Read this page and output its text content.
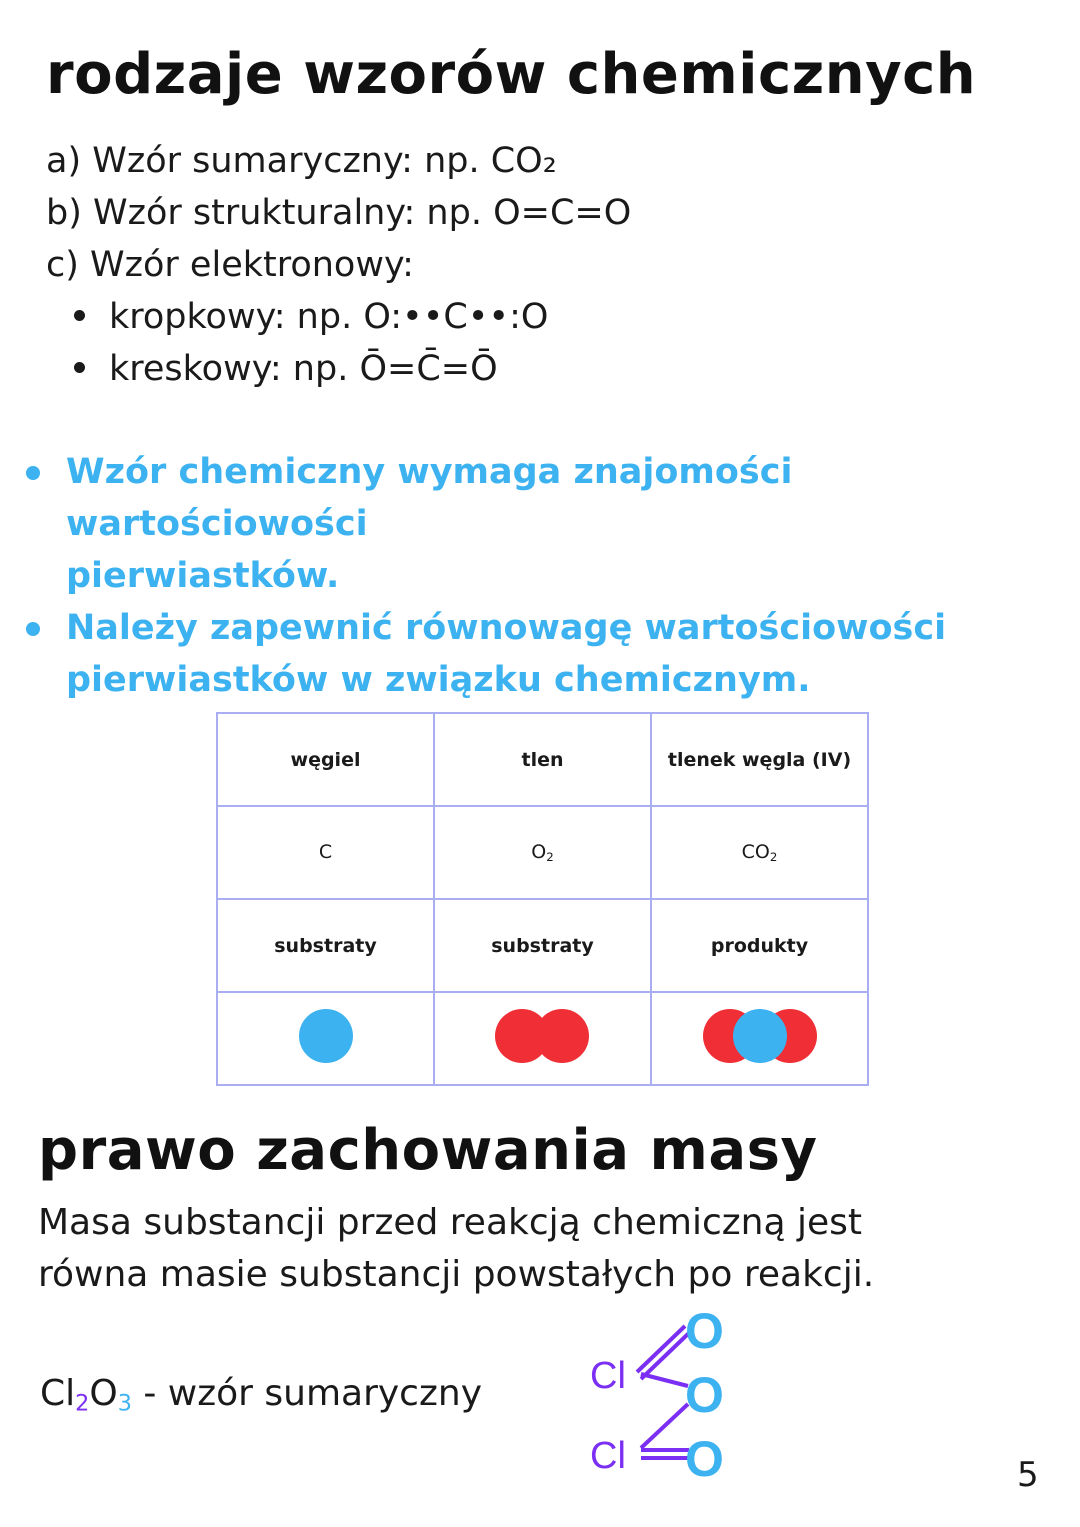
rodzaje wzorów chemicznych
a) Wzór sumaryczny: np. CO₂
b) Wzór strukturalny: np. O=C=O
c) Wzór elektronowy:
kropkowy: np. O:••C••:O
kreskowy: np. Ō=C̄=Ō
Wzór chemiczny wymaga znajomości wartościowości
pierwiastków.
Należy zapewnić równowagę wartościowości
pierwiastków w związku chemicznym.
węgiel	tlen	tlenek węgla (IV)
C	$O_2$	$CO_2$
substraty	substraty	produkty

prawo zachowania masy
Masa substancji przed reakcją chemiczną jest
równa masie substancji powstałych po reakcji.
$Cl_2O_3$ - wzór sumaryczny	Cl
Cl
O
O
O	5
